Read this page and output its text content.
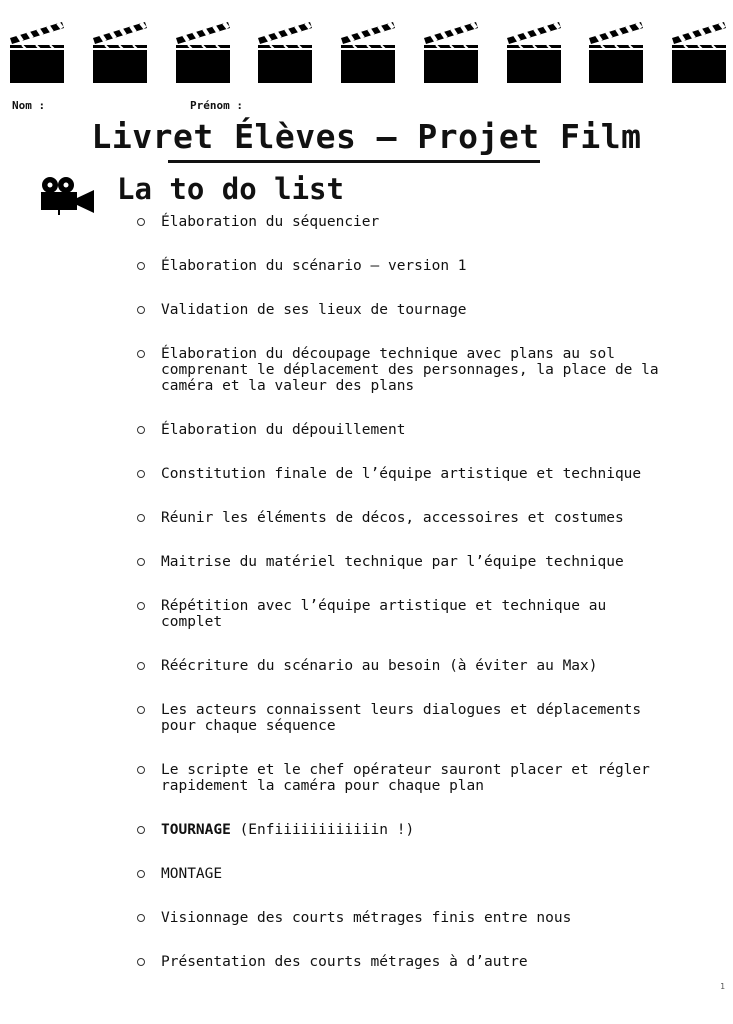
Nom :	Prénom :
Livret Élèves – Projet Film
La to do list
Élaboration du séquencier
Élaboration du scénario – version 1
Validation de ses lieux de tournage
Élaboration du découpage technique avec plans au sol
comprenant le déplacement des personnages, la place de la
caméra et la valeur des plans
Élaboration du dépouillement
Constitution finale de l’équipe artistique et technique
Réunir les éléments de décos, accessoires et costumes
Maitrise du matériel technique par l’équipe technique
Répétition avec l’équipe artistique et technique au
complet
Réécriture du scénario au besoin (à éviter au Max)
Les acteurs connaissent leurs dialogues et déplacements
pour chaque séquence
Le scripte et le chef opérateur sauront placer et régler
rapidement la caméra pour chaque plan
TOURNAGE (Enfiiiiiiiiiiiin !)
MONTAGE
Visionnage des courts métrages finis entre nous
Présentation des courts métrages à d’autre
1
